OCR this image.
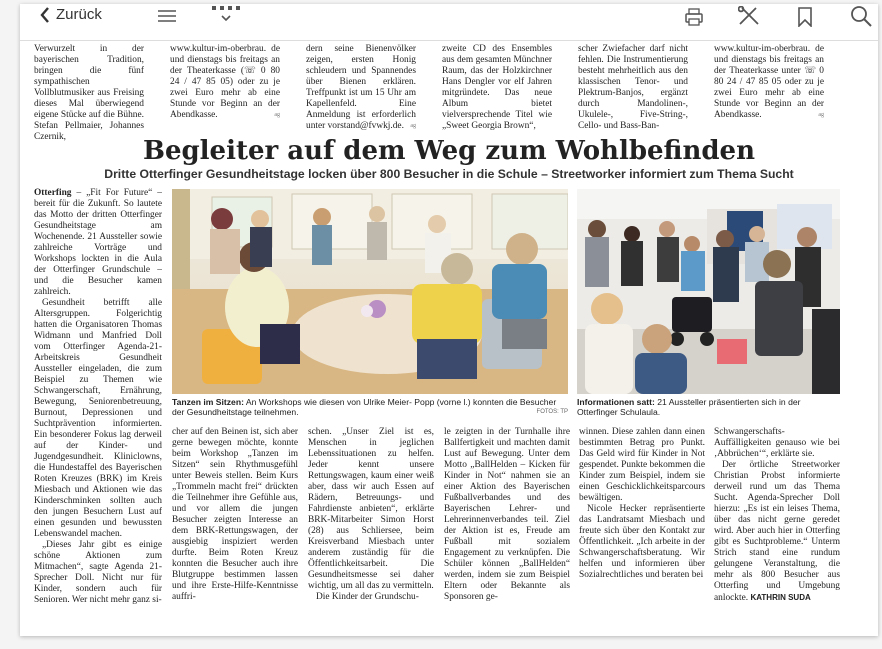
Zurück

Verwurzelt in der bayerischen Tradition, bringen die fünf sympathischen Vollblutmusiker aus Freising dieses Mal überwiegend eigene Stücke auf die Bühne. Stefan Pellmaier, Johannes Czernik,

www.kultur-im-oberbrau. de und dienstags bis freitags an der Theaterkasse (☏ 0 80 24 / 47 85 05) oder zu je zwei Euro mehr ab eine Stunde vor Beginn an der Abendkasse.	ag

dern seine Bienenvölker zeigen, ersten Honig schleudern und Spannendes über Bienen erklären. Treffpunkt ist um 15 Uhr am Kapellenfeld. Eine Anmeldung ist erforderlich unter vorstand@fvwkj.de. ag

zweite CD des Ensembles aus dem gesamten Münchner Raum, das der Holzkirchner Hans Dengler vor elf Jahren mitgründete. Das neue Album bietet vielversprechende Titel wie „Sweet Georgia Brown“,

scher Zwiefacher darf nicht fehlen. Die Instrumentierung besteht mehrheitlich aus den klassischen Tenor- und Plektrum-Banjos, ergänzt durch Mandolinen-, Ukulele-, Five-String-, Cello- und Bass-Ban-

www.kultur-im-oberbrau. de und dienstags bis freitags an der Theaterkasse unter ☏ 0 80 24 / 47 85 05 oder zu je zwei Euro mehr ab eine Stunde vor Beginn an der Abendkasse.	ag

Begleiter auf dem Weg zum Wohlbefinden
Dritte Otterfinger Gesundheitstage locken über 800 Besucher in die Schule – Streetworker informiert zum Thema Sucht

Otterfing – „Fit For Future“ – bereit für die Zukunft. So lautete das Motto der dritten Otterfinger Gesundheitstage am Wochenende. 21 Aussteller sowie zahlreiche Vorträge und Workshops lockten in die Aula der Otterfinger Grundschule – und die Besucher kamen zahlreich.

Gesundheit betrifft alle Altersgruppen. Folgerichtig hatten die Organisatoren Thomas Widmann und Manfried Doll vom Otterfinger Agenda-21-Arbeitskreis Gesundheit Aussteller eingeladen, die zum Beispiel zu Themen wie Schwangerschaft, Ernährung, Bewegung, Seniorenbetreuung, Burnout, Depressionen und Suchtprävention informierten. Ein besonderer Fokus lag derweil auf der Kinder- und Jugendgesundheit. Kliniclowns, die Hundestaffel des Bayerischen Roten Kreuzes (BRK) im Kreis Miesbach und Aktionen wie das Kinderschminken sollten auch den jungen Besuchern Lust auf einen gesunden und bewussten Lebenswandel machen.

„Dieses Jahr gibt es einige schöne Aktionen zum Mitmachen“, sagte Agenda 21-Sprecher Doll. Nicht nur für Kinder, sondern auch für Senioren. Wer nicht mehr ganz si-

Tanzen im Sitzen: An Workshops wie diesen von Ulrike Meier- Popp (vorne l.) konnten die Besucher der Gesundheitstage teilnehmen.	FOTOS: TP
Informationen satt: 21 Aussteller präsentierten sich in der Otterfinger Schulaula.

cher auf den Beinen ist, sich aber gerne bewegen möchte, konnte beim Workshop „Tanzen im Sitzen“ sein Rhythmusgefühl unter Beweis stellen. Beim Kurs „Trommeln macht frei“ drückten die Teilnehmer ihre Gefühle aus, und vor allem die jungen Besucher zeigten Interesse an dem BRK-Rettungswagen, der ausgiebig inspiziert werden durfte. Beim Roten Kreuz konnten die Besucher auch ihre Blutgruppe bestimmen lassen und ihre Erste-Hilfe-Kenntnisse auffri-

schen. „Unser Ziel ist es, Menschen in jeglichen Lebenssituationen zu helfen. Jeder kennt unsere Rettungswagen, kaum einer weiß aber, dass wir auch Essen auf Rädern, Betreuungs- und Fahrdienste anbieten“, erklärte BRK-Mitarbeiter Simon Horst (28) aus Schliersee, beim Kreisverband Miesbach unter anderem zuständig für die Öffentlichkeitsarbeit. Die Gesundheitsmesse sei daher wichtig, um all das zu vermitteln.

Die Kinder der Grundschu-

le zeigten in der Turnhalle ihre Ballfertigkeit und machten damit Lust auf Bewegung. Unter dem Motto „BallHelden – Kicken für Kinder in Not“ nahmen sie an einer Aktion des Bayerischen Fußballverbandes und des Bayerischen Lehrer- und Lehrerinnenverbandes teil. Ziel der Aktion ist es, Freude am Fußball mit sozialem Engagement zu verknüpfen. Die Schüler können „BallHelden“ werden, indem sie zum Beispiel Eltern oder Bekannte als Sponsoren ge-

winnen. Diese zahlen dann einen bestimmten Betrag pro Punkt. Das Geld wird für Kinder in Not gespendet. Punkte bekommen die Kinder zum Beispiel, indem sie einen Geschicklichkeitsparcours bewältigen.

Nicole Hecker repräsentierte das Landratsamt Miesbach und freute sich über den Kontakt zur Öffentlichkeit. „Ich arbeite in der Schwangerschaftsberatung. Wir helfen und informieren über Sozialrechtliches und beraten bei

Schwangerschafts-Auffälligkeiten genauso wie bei ‚Abbrüchen‘“, erklärte sie.

Der örtliche Streetworker Christian Probst informierte derweil rund um das Thema Sucht. Agenda-Sprecher Doll hierzu: „Es ist ein leises Thema, über das nicht gerne geredet wird. Aber auch hier in Otterfing gibt es Suchtprobleme.“ Unterm Strich stand eine rundum gelungene Veranstaltung, die mehr als 800 Besucher aus Otterfing und Umgebung anlockte. KATHRIN SUDA
